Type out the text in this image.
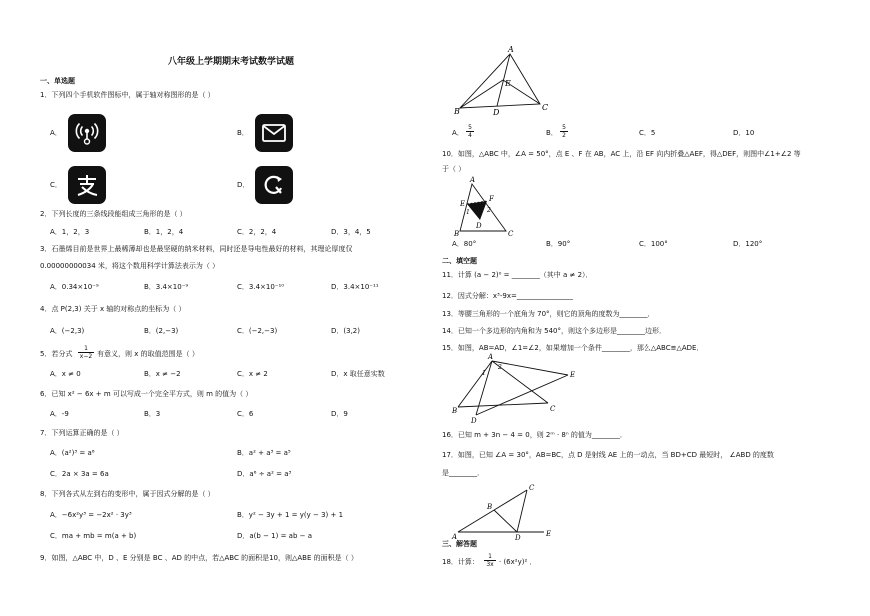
八年级上学期期末考试数学试题
一、单选题
1．下列四个手机软件图标中，属于轴对称图形的是（ ）
A．	B．
C．	D．
2．下列长度的三条线段能组成三角形的是（ ）
A．1，2，3	B．1，2，4	C．2，2，4	D．3，4，5
3．石墨烯目前是世界上最稀薄却也是最坚硬的纳米材料，同时还是导电性最好的材料，其理论厚度仅
0.00000000034 米，将这个数用科学计算法表示为（ ）
A．0.34×10⁻⁹	B．3.4×10⁻⁹	C．3.4×10⁻¹⁰	D．3.4×10⁻¹¹
4．点 P(2,3) 关于 x 轴的对称点的坐标为（ ）
A．(−2,3)	B．(2,−3)	C．(−2,−3)	D．(3,2)
5．若分式 $\frac{1}{x-2}$ 有意义，则 x 的取值范围是（ ）
A．x ≠ 0	B．x ≠ −2	C．x ≠ 2	D．x 取任意实数
6．已知 x² − 6x + m 可以写成一个完全平方式，则 m 的值为（ ）
A．-9	B．3	C．6	D．9
7．下列运算正确的是（ ）
A．(a²)³ = a⁶	B．a² + a³ = a⁵
C．2a × 3a = 6a	D．a⁶ ÷ a² = a³
8．下列各式从左到右的变形中，属于因式分解的是（ ）
A．−6x²y³ = −2x² · 3y³	B．y² − 3y + 1 = y(y − 3) + 1
C．ma + mb = m(a + b)	D．a(b − 1) = ab − a
9．如图，△ABC 中，D 、E 分别是 BC 、AD 的中点，若△ABC 的面积是10，则△ABE 的面积是（ ）
A
B	D
E
C
A． $\frac{5}{4}$	B． $\frac{5}{2}$	C．5	D．10
10．如图，△ABC 中，∠A = 50°，点 E 、F 在 AB，AC 上，沿 EF 向内折叠△AEF，得△DEF，则图中∠1+∠2 等
于（ ）
A
E
F
1	2
D
B	C
A．80°	B．90°	C．100°	D．120°
二、填空题
11．计算 (a − 2)⁰ = ________（其中 a ≠ 2）．
12．因式分解：x³-9x=________________
13．等腰三角形的一个底角为 70°，则它的顶角的度数为________．
14．已知一个多边形的内角和为 540°，则这个多边形是________边形．
15．如图，AB=AD，∠1=∠2，如果增加一个条件________，那么△ABC≌△ADE．
A
1
2
E
B	C
D
16．已知 m + 3n − 4 = 0，则 2ᵐ · 8ⁿ 的值为________．
17．如图，已知 ∠A = 30°，AB=BC，点 D 是射线 AE 上的一动点，当 BD+CD 最短时， ∠ABD 的度数
是________．
C
B
A	D	E
三、解答题
18．计算： $\frac{1}{3x} \cdot (6x^2y)^2$ ．
